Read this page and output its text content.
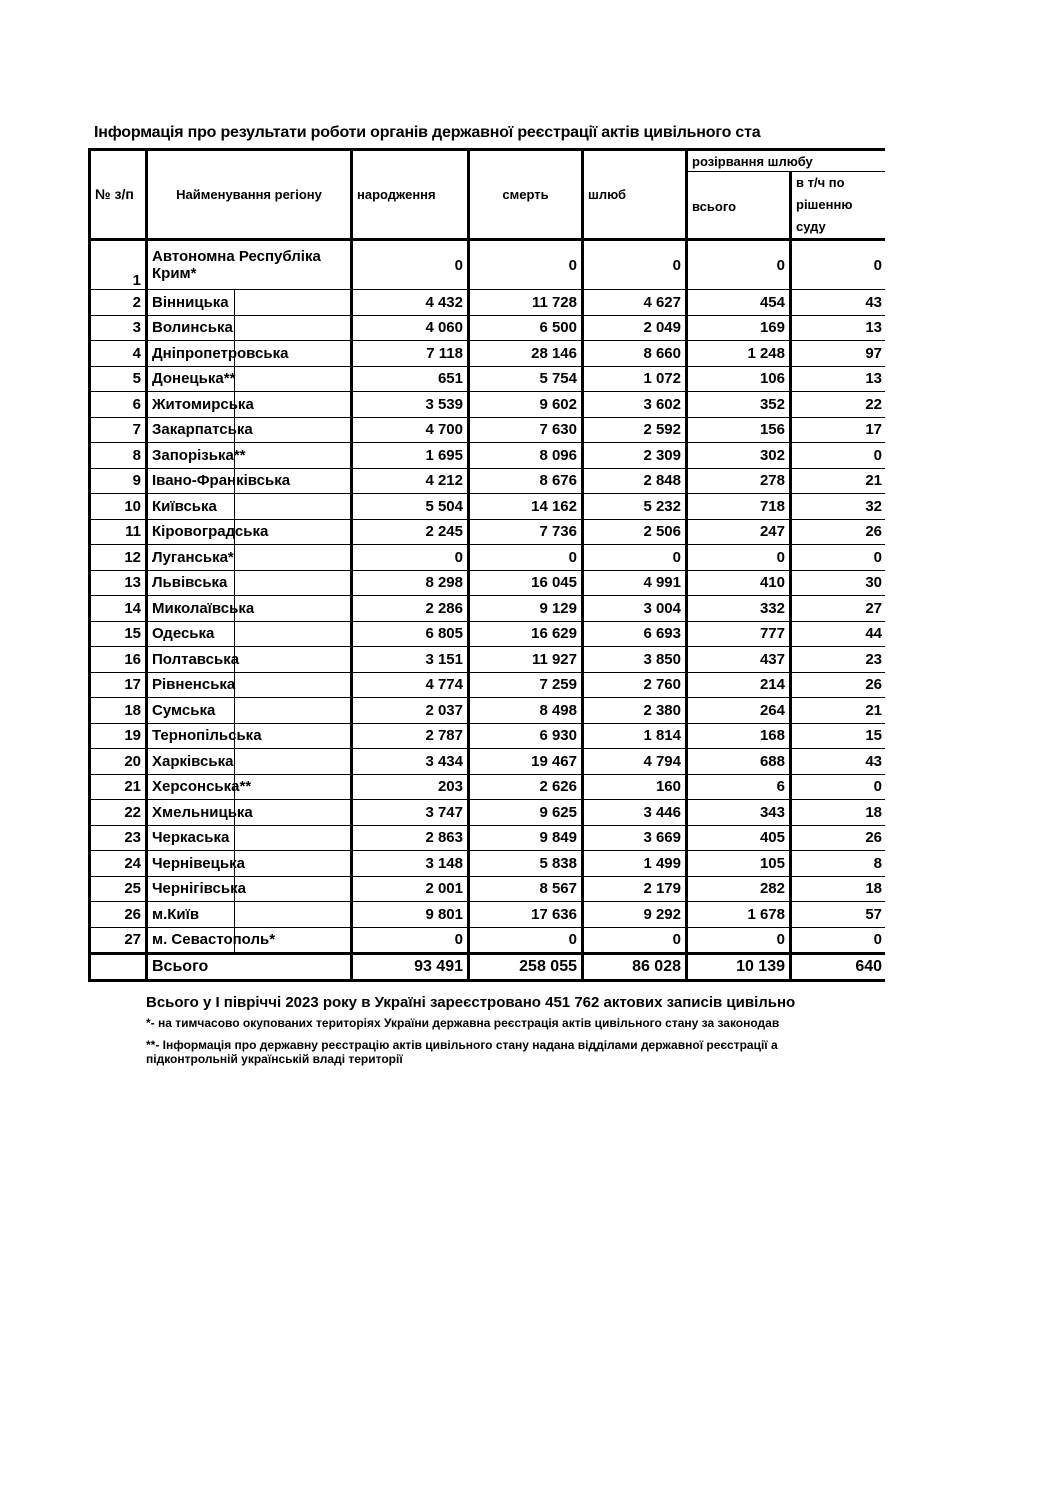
Інформація про результати роботи органів державної реєстрації актів цивільного ста
№ з/п	Найменування регіону	народження	смерть	шлюб	розірвання шлюбу	
					всього	в т/ч по рішенню суду

1	Автономна Республіка Крим*	0	0	0	0	0
2	Вінницька	4 432	11 728	4 627	454	43
3	Волинська	4 060	6 500	2 049	169	13
4	Дніпропетровська	7 118	28 146	8 660	1 248	97
5	Донецька**	651	5 754	1 072	106	13
6	Житомирська	3 539	9 602	3 602	352	22
7	Закарпатська	4 700	7 630	2 592	156	17
8	Запорізька**	1 695	8 096	2 309	302	0
9	Івано-Франківська	4 212	8 676	2 848	278	21
10	Київська	5 504	14 162	5 232	718	32
11	Кіровоградська	2 245	7 736	2 506	247	26
12	Луганська*	0	0	0	0	0
13	Львівська	8 298	16 045	4 991	410	30
14	Миколаївська	2 286	9 129	3 004	332	27
15	Одеська	6 805	16 629	6 693	777	44
16	Полтавська	3 151	11 927	3 850	437	23
17	Рівненська	4 774	7 259	2 760	214	26
18	Сумська	2 037	8 498	2 380	264	21
19	Тернопільська	2 787	6 930	1 814	168	15
20	Харківська	3 434	19 467	4 794	688	43
21	Херсонська**	203	2 626	160	6	0
22	Хмельницька	3 747	9 625	3 446	343	18
23	Черкаська	2 863	9 849	3 669	405	26
24	Чернівецька	3 148	5 838	1 499	105	8
25	Чернігівська	2 001	8 567	2 179	282	18
26	м.Київ	9 801	17 636	9 292	1 678	57
27	м. Севастополь*	0	0	0	0	0
	Всього	93 491	258 055	86 028	10 139	640
Всього у І півріччі 2023 року в Україні зареєстровано 451 762 актових записів цивільно
*- на тимчасово окупованих територіях України державна реєстрація актів цивільного стану за законодав
**- Інформація про державну реєстрацію актів цивільного стану надана відділами державної реєстрації а
підконтрольній українській владі території
